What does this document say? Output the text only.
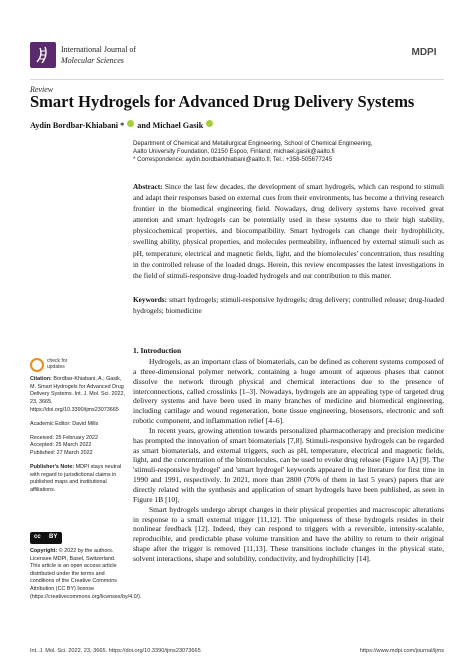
International Journal of
Molecular Sciences
MDPI
Review
Smart Hydrogels for Advanced Drug Delivery Systems
Aydin Bordbar-Khiabani * and Michael Gasik
Department of Chemical and Metallurgical Engineering, School of Chemical Engineering,
Aalto University Foundation, 02150 Espoo, Finland; michael.gasik@aalto.fi
* Correspondence: aydin.bordbarkhiabani@aalto.fi; Tel.: +358-505677245
Abstract: Since the last few decades, the development of smart hydrogels, which can respond to stimuli and adapt their responses based on external cues from their environments, has become a thriving research frontier in the biomedical engineering field. Nowadays, drug delivery systems have received great attention and smart hydrogels can be potentially used in these systems due to their high stability, physicochemical properties, and biocompatibility. Smart hydrogels can change their hydrophilicity, swelling ability, physical properties, and molecules permeability, influenced by external stimuli such as pH, temperature, electrical and magnetic fields, light, and the biomolecules' concentration, thus resulting in the controlled release of the loaded drugs. Herein, this review encompasses the latest investigations in the field of stimuli-responsive drug-loaded hydrogels and our contribution to this matter.
Keywords: smart hydrogels; stimuli-responsive hydrogels; drug delivery; controlled release; drug-loaded hydrogels; biomedicine
check for
updates

Citation: Bordbar-Khiabani, A.; Gasik, M. Smart Hydrogels for Advanced Drug Delivery Systems. Int. J. Mol. Sci. 2022, 23, 3665. https://doi.org/10.3390/ijms23073665

Academic Editor: David Mills

Received: 25 February 2022
Accepted: 25 March 2022

Published: 27 March 2022

Publisher's Note: MDPI stays neutral with regard to jurisdictional claims in published maps and institutional affiliations.

cc BY
Copyright: © 2022 by the authors. Licensee MDPI, Basel, Switzerland. This article is an open access article distributed under the terms and conditions of the Creative Commons Attribution (CC BY) license (https://creativecommons.org/licenses/by/4.0/).
1. Introduction

Hydrogels, as an important class of biomaterials, can be defined as coherent systems composed of a three-dimensional polymer network, containing a huge amount of aqueous phases that cannot dissolve the network through physical and chemical interactions due to the presence of interconnections, called crosslinks [1–3]. Nowadays, hydrogels are an appealing type of targeted drug delivery systems and have been used in many branches of medicine and biomedical engineering, including cartilage and wound regeneration, bone tissue engineering, biosensors, electronic and soft robotic component, and inflammation relief [4–6].

In recent years, growing attention towards personalized pharmacotherapy and precision medicine has prompted the innovation of smart biomaterials [7,8]. Stimuli-responsive hydrogels can be regarded as smart biomaterials, and external triggers, such as pH, temperature, electrical and magnetic fields, light, and the concentration of the biomolecules, can be used to evoke drug release (Figure 1A) [9]. The 'stimuli-responsive hydrogel' and 'smart hydrogel' keywords appeared in the literature for first time in 1990 and 1991, respectively. In 2021, more than 2800 (70% of them in last 5 years) papers that are directly related with the synthesis and application of smart hydrogels have been published, as seen in Figure 1B [10].

Smart hydrogels undergo abrupt changes in their physical properties and macroscopic alterations in response to a small external trigger [11,12]. The uniqueness of these hydrogels resides in their nonlinear feedback [12]. Indeed, they can respond to triggers with a reversible, intensity-scalable, reproducible, and predictable phase volume transition and have the ability to return to their original shape after the trigger is removed [11,13]. These transitions include changes in the physical state, solvent interactions, shape and solubility, conductivity, and hydrophilicity [14].

Int. J. Mol. Sci. 2022, 23, 3665. https://doi.org/10.3390/ijms23073665	https://www.mdpi.com/journal/ijms
